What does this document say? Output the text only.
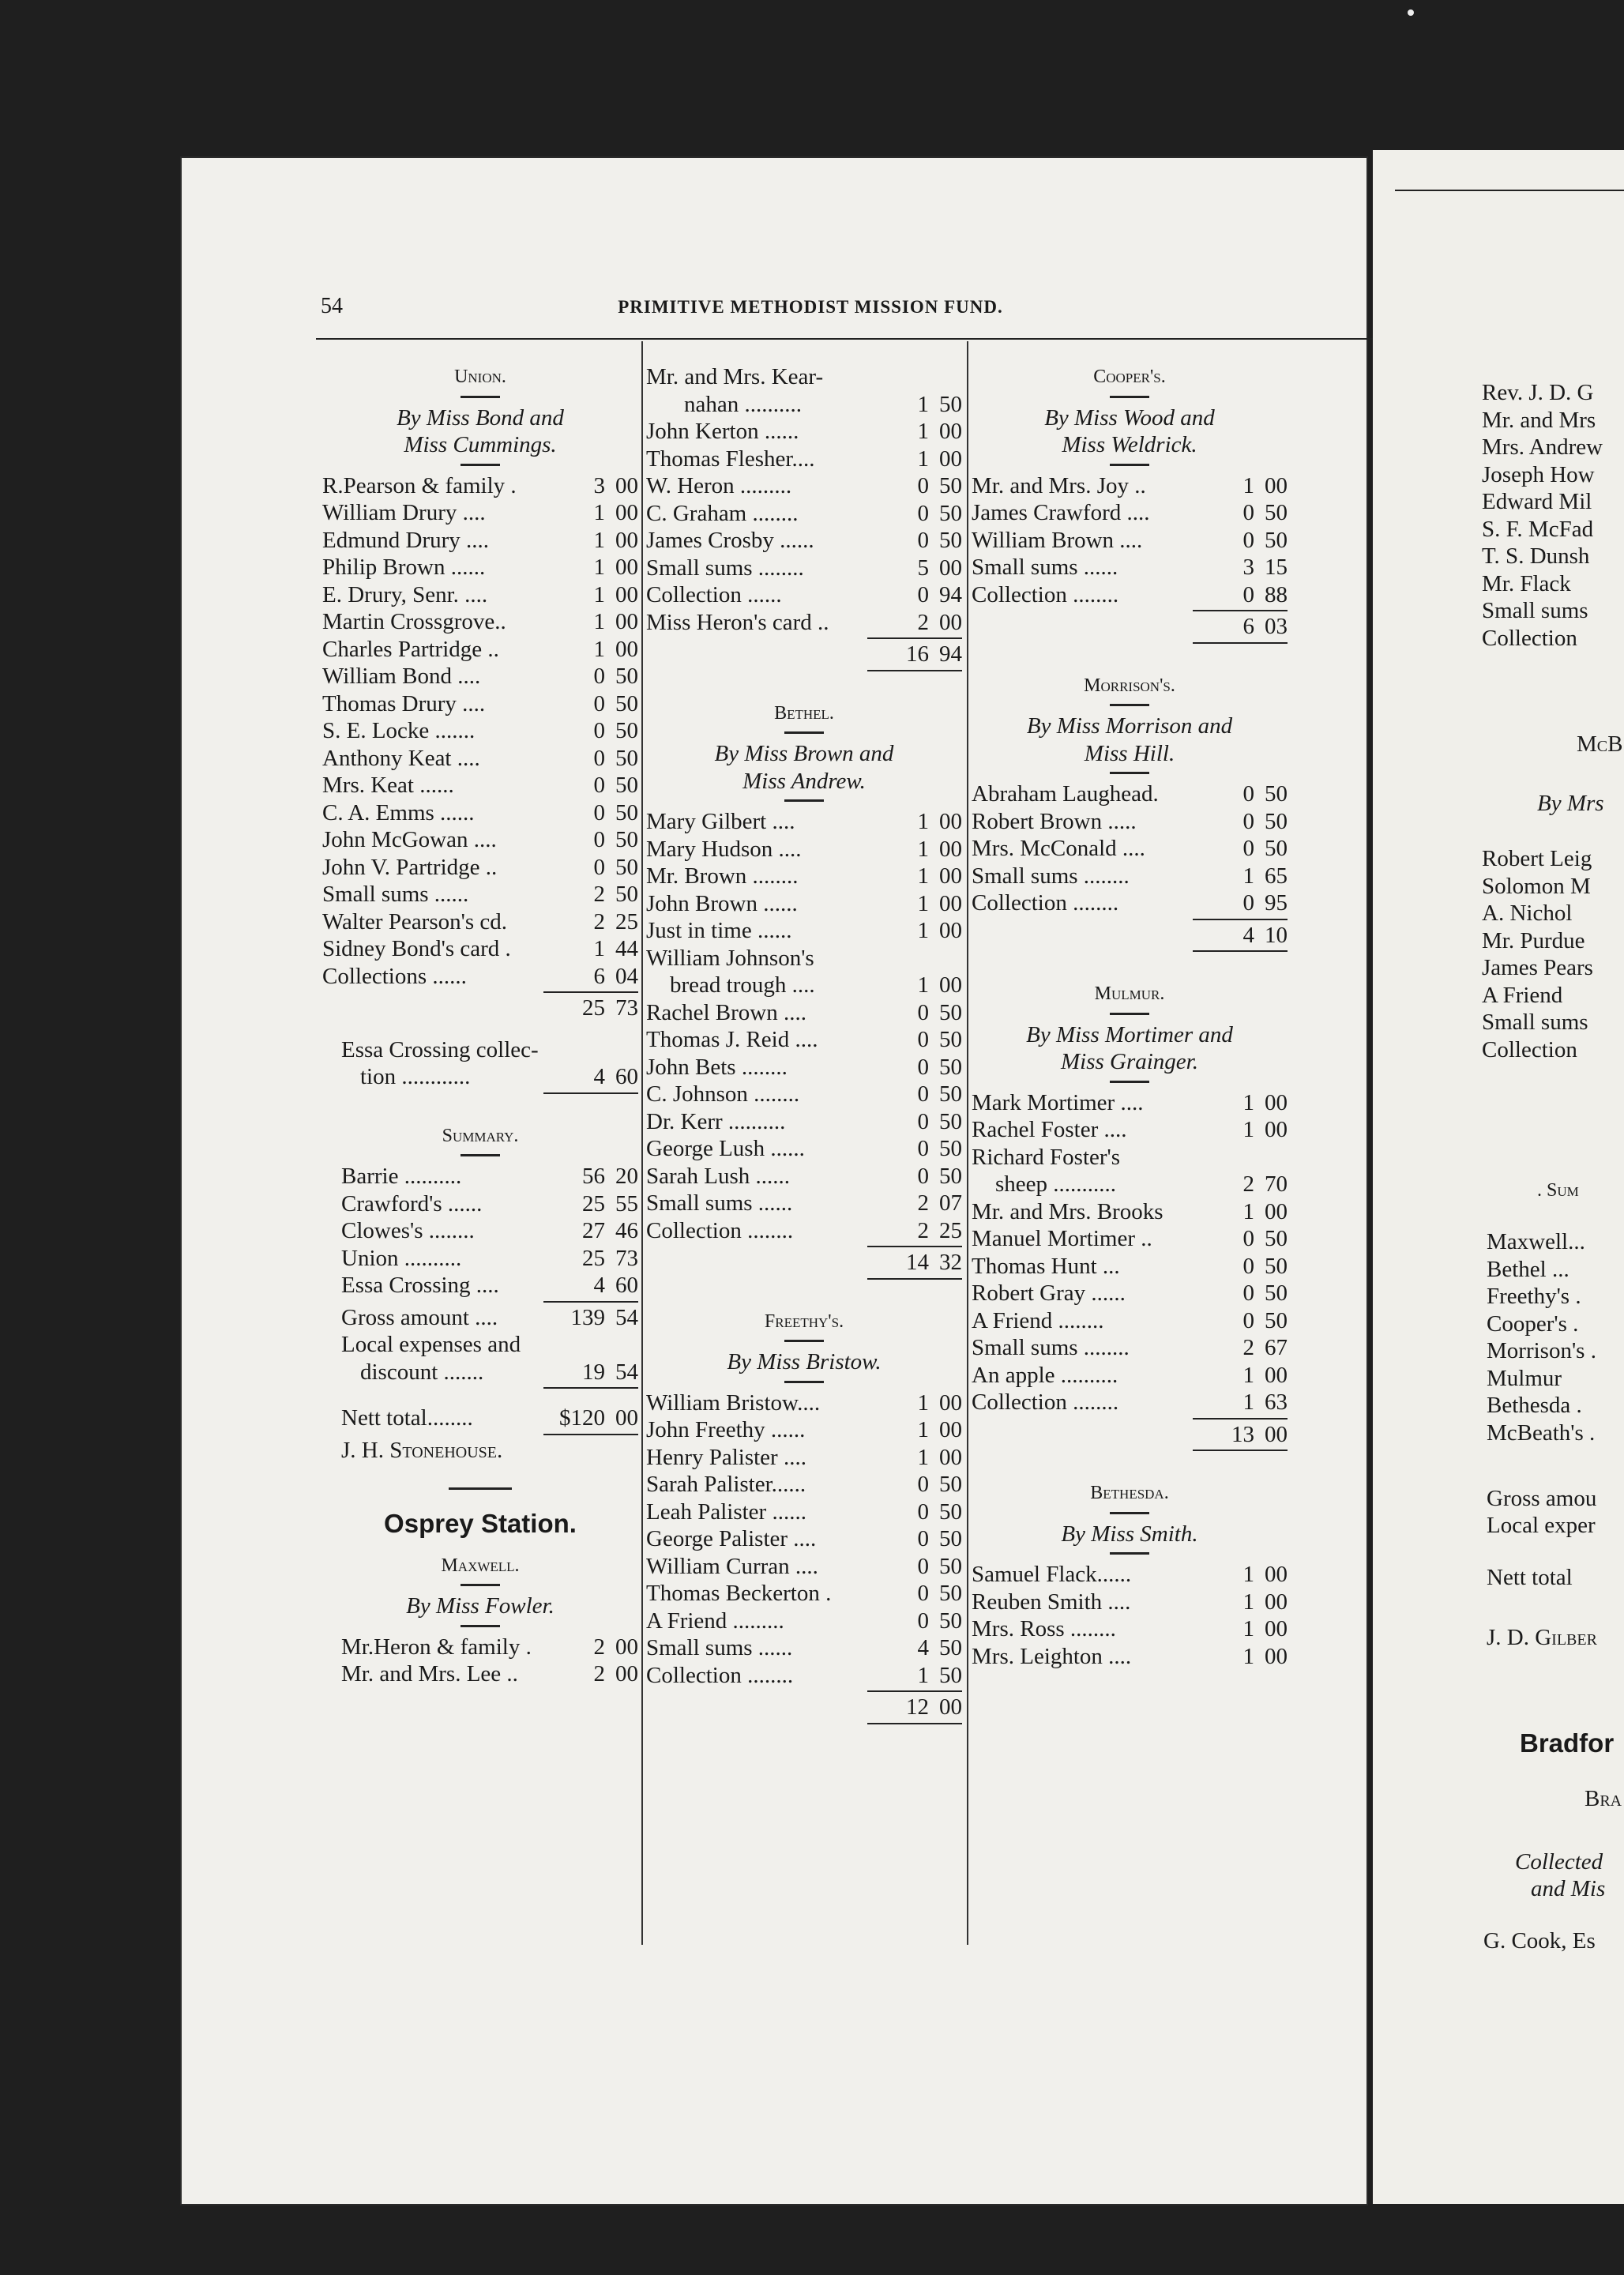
54	PRIMITIVE METHODIST MISSION FUND.

Union.

By Miss Bond and
Miss Cummings.
R.Pearson & family .	3 00
William Drury ....	1 00
Edmund Drury ....	1 00
Philip Brown ......	1 00
E. Drury, Senr. ....	1 00
Martin Crossgrove..	1 00
Charles Partridge ..	1 00
William Bond ....	0 50
Thomas Drury ....	0 50
S. E. Locke .......	0 50
Anthony Keat ....	0 50
Mrs. Keat ......	0 50
C. A. Emms ......	0 50
John McGowan ....	0 50
John V. Partridge ..	0 50
Small sums ......	2 50
Walter Pearson's cd.	2 25
Sidney Bond's card .	1 44
Collections ......	6 04
25 73
Essa Crossing collec-
tion ............	4 60

Summary.

Barrie ..........	56 20
Crawford's ......	25 55
Clowes's ........	27 46
Union ..........	25 73
Essa Crossing ....	4 60
Gross amount ....	139 54
Local expenses and
discount .......	19 54
Nett total........	$120 00
J. H. Stonehouse.

Osprey Station.

Maxwell.

By Miss Fowler.
Mr.Heron & family .	2 00
Mr. and Mrs. Lee ..	2 00
Mr. and Mrs. Kear-
nahan ..........	1 50
John Kerton ......	1 00
Thomas Flesher....	1 00
W. Heron .........	0 50
C. Graham ........	0 50
James Crosby ......	0 50
Small sums ........	5 00
Collection ......	0 94
Miss Heron's card ..	2 00
16 94

Bethel.

By Miss Brown and
Miss Andrew.
Mary Gilbert ....	1 00
Mary Hudson ....	1 00
Mr. Brown ........	1 00
John Brown ......	1 00
Just in time ......	1 00
William Johnson's
bread trough ....	1 00
Rachel Brown ....	0 50
Thomas J. Reid ....	0 50
John Bets ........	0 50
C. Johnson ........	0 50
Dr. Kerr ..........	0 50
George Lush ......	0 50
Sarah Lush ......	0 50
Small sums ......	2 07
Collection ........	2 25
14 32

Freethy's.

By Miss Bristow.
William Bristow....	1 00
John Freethy ......	1 00
Henry Palister ....	1 00
Sarah Palister......	0 50
Leah Palister ......	0 50
George Palister ....	0 50
William Curran ....	0 50
Thomas Beckerton .	0 50
A Friend .........	0 50
Small sums ......	4 50
Collection ........	1 50
12 00

Cooper's.

By Miss Wood and
Miss Weldrick.
Mr. and Mrs. Joy ..	1 00
James Crawford ....	0 50
William Brown ....	0 50
Small sums ......	3 15
Collection ........	0 88
6 03

Morrison's.

By Miss Morrison and
Miss Hill.
Abraham Laughead.	0 50
Robert Brown .....	0 50
Mrs. McConald ....	0 50
Small sums ........	1 65
Collection ........	0 95
4 10

Mulmur.

By Miss Mortimer and
Miss Grainger.
Mark Mortimer ....	1 00
Rachel Foster ....	1 00
Richard Foster's
sheep ...........	2 70
Mr. and Mrs. Brooks	1 00
Manuel Mortimer ..	0 50
Thomas Hunt ...	0 50
Robert Gray ......	0 50
A Friend ........	0 50
Small sums ........	2 67
An apple ..........	1 00
Collection ........	1 63
13 00

Bethesda.

By Miss Smith.
Samuel Flack......	1 00
Reuben Smith ....	1 00
Mrs. Ross ........	1 00
Mrs. Leighton ....	1 00
Rev. J. D. G
Mr. and Mrs
Mrs. Andrew
Joseph How
Edward Mil
S. F. McFad
T. S. Dunsh
Mr. Flack
Small sums
Collection
McB
By Mrs
Robert Leig
Solomon M
A. Nichol
Mr. Purdue
James Pears
A Friend
Small sums
Collection
. Sum
Maxwell...
Bethel ...
Freethy's .
Cooper's .
Morrison's .
Mulmur
Bethesda .
McBeath's .
Gross amou
Local exper
Nett total
J. D. Gilber
Bradfor
Bra
Collected
and Mis
G. Cook, Es
